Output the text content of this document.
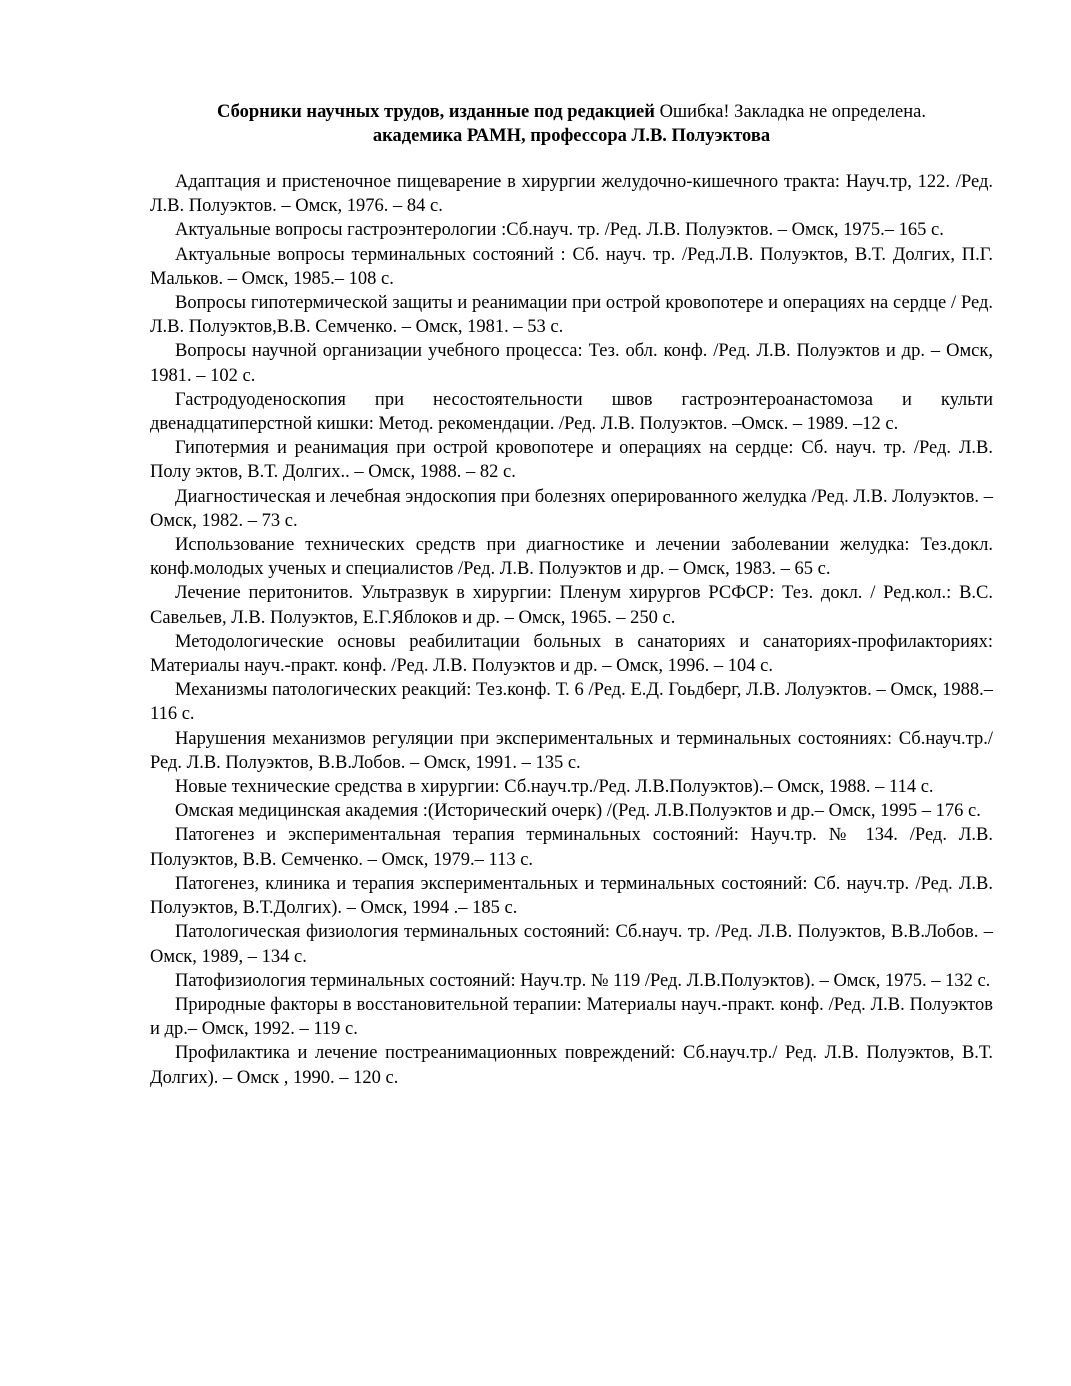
Сборники научных трудов, изданные под редакцией Ошибка! Закладка не определена.
академика РАМН, профессора Л.В. Полуэктова

Адаптация и пристеночное пищеварение в хирургии желудочно-кишечного тракта: Науч.тр, 122. /Ред. Л.В. Полуэктов. – Омск, 1976. – 84 с.

Актуальные вопросы гастроэнтерологии :Сб.науч. тр. /Ред. Л.В. Полуэктов. – Омск, 1975.– 165 с.

Актуальные вопросы терминальных состояний : Сб. науч. тр. /Ред.Л.В. Полуэктов, В.Т. Долгих, П.Г. Мальков. – Омск, 1985.– 108 с.

Вопросы гипотермической защиты и реанимации при острой кровопотере и операциях на сердце / Ред. Л.В. Полуэктов,В.В. Семченко. – Омск, 1981. – 53 с.

Вопросы научной организации учебного процесса: Тез. обл. конф. /Ред. Л.В. Полуэктов и др. – Омск, 1981. – 102 с.

Гастродуоденоскопия при несостоятельности швов гастроэнтероанастомоза и культи двенадцатиперстной кишки: Метод. рекомендации. /Ред. Л.В. Полуэктов. –Омск. – 1989. –12 с.

Гипотермия и реанимация при острой кровопотере и операциях на сердце: Сб. науч. тр. /Ред. Л.В. Полу эктов, В.Т. Долгих.. – Омск, 1988. – 82 с.

Диагностическая и лечебная эндоскопия при болезнях оперированного желудка /Ред. Л.В. Лолуэктов. – Омск, 1982. – 73 с.

Использование технических средств при диагностике и лечении заболевании желудка: Тез.докл. конф.молодых ученых и специалистов /Ред. Л.В. Полуэктов и др. – Омск, 1983. – 65 с.

Лечение перитонитов. Ультразвук в хирургии: Пленум хирургов РСФСР: Тез. докл. / Ред.кол.: В.С. Савельев, Л.В. Полуэктов, Е.Г.Яблоков и др. – Омск, 1965. – 250 с.

Методологические основы реабилитации больных в санаториях и санаториях-профилакториях: Материалы науч.-практ. конф. /Ред. Л.В. Полуэктов и др. – Омск, 1996. – 104 с.

Механизмы патологических реакций: Тез.конф. Т. 6 /Ред. Е.Д. Гоьдберг, Л.В. Лолуэктов. – Омск, 1988.– 116 с.

Нарушения механизмов регуляции при экспериментальных и терминальных состояниях: Сб.науч.тр./ Ред. Л.В. Полуэктов, В.В.Лобов. – Омск, 1991. – 135 с.

Новые технические средства в хирургии: Сб.науч.тр./Ред. Л.В.Полуэктов).– Омск, 1988. – 114 с.

Омская медицинская академия :(Исторический очерк) /(Ред. Л.В.Полуэктов и др.– Омск, 1995 – 176 с.

Патогенез и экспериментальная терапия терминальных состояний: Науч.тр. № 134. /Ред. Л.В. Полуэктов, В.В. Семченко. – Омск, 1979.– 113 с.

Патогенез, клиника и терапия экспериментальных и терминальных состояний: Сб. науч.тр. /Ред. Л.В. Полуэктов, В.Т.Долгих). – Омск, 1994 .– 185 с.

Патологическая физиология терминальных состояний: Сб.науч. тр. /Ред. Л.В. Полуэктов, В.В.Лобов. – Омск, 1989, – 134 с.

Патофизиология терминальных состояний: Науч.тр. № 119 /Ред. Л.В.Полуэктов). – Омск, 1975. – 132 с.

Природные факторы в восстановительной терапии: Материалы науч.-практ. конф. /Ред. Л.В. Полуэктов и др.– Омск, 1992. – 119 с.

Профилактика и лечение постреанимационных повреждений: Сб.науч.тр./ Ред. Л.В. Полуэктов, В.Т. Долгих). – Омск , 1990. – 120 с.
